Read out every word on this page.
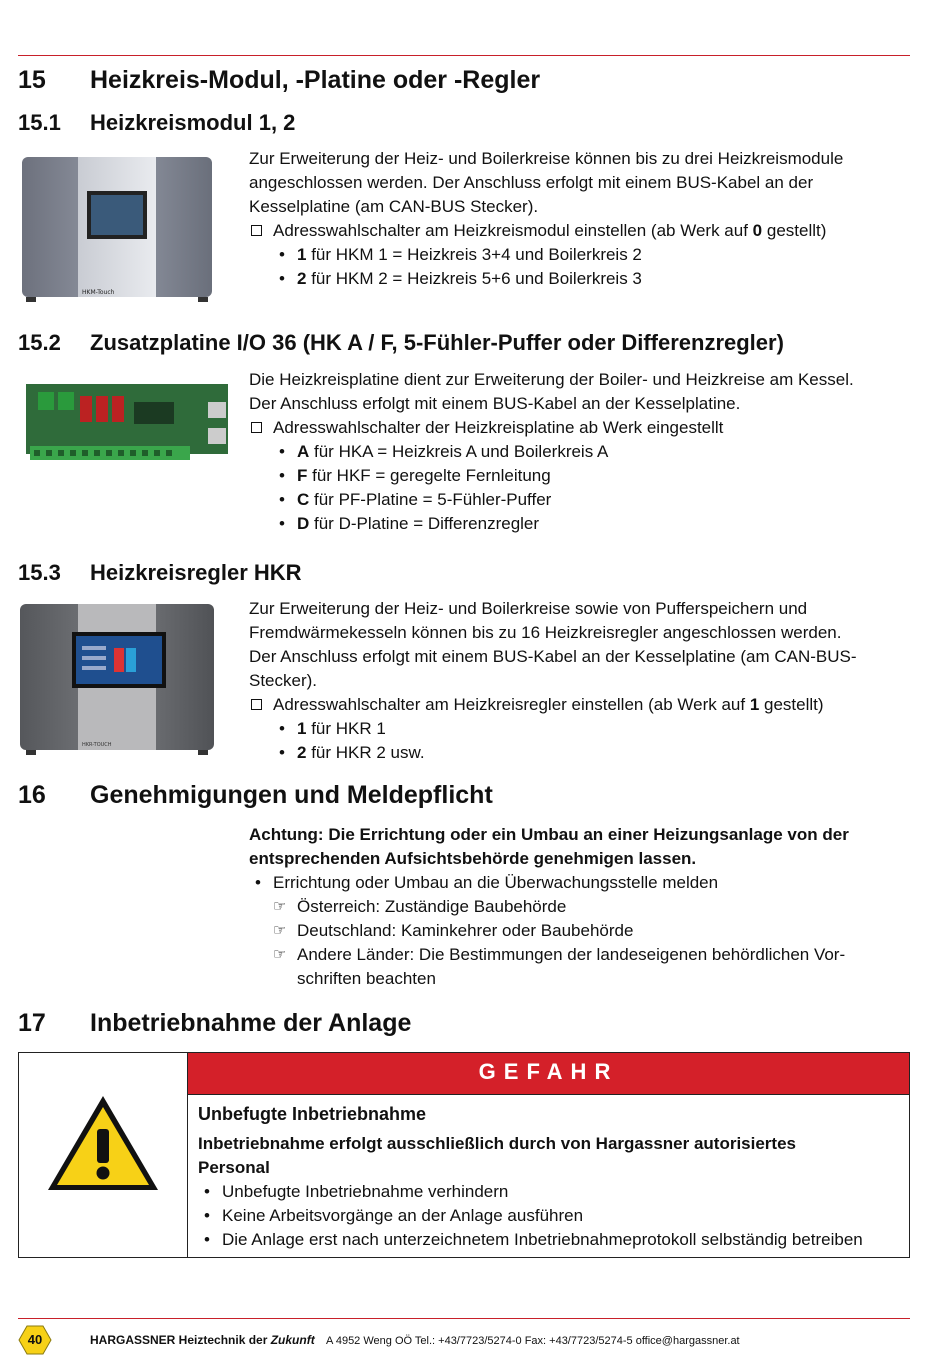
15 Heizkreis-Modul, -Platine oder -Regler
15.1 Heizkreismodul 1, 2
HKM-Touch

Zur Erweiterung der Heiz- und Boilerkreise können bis zu drei Heizkreismodule

angeschlossen werden. Der Anschluss erfolgt mit einem BUS-Kabel an der

Kesselplatine (am CAN-BUS Stecker).

Adresswahlschalter am Heizkreismodul einstellen (ab Werk auf 0 gestellt)
• 1 für HKM 1 = Heizkreis 3+4 und Boilerkreis 2
• 2 für HKM 2 = Heizkreis 5+6 und Boilerkreis 3
15.2 Zusatzplatine I/O 36 (HK A / F, 5-Fühler-Puffer oder Differenzregler)

Die Heizkreisplatine dient zur Erweiterung der Boiler- und Heizkreise am Kessel.

Der Anschluss erfolgt mit einem BUS-Kabel an der Kesselplatine.

Adresswahlschalter der Heizkreisplatine ab Werk eingestellt
• A für HKA = Heizkreis A und Boilerkreis A
• F für HKF = geregelte Fernleitung
• C für PF-Platine = 5-Fühler-Puffer
• D für D-Platine = Differenzregler
15.3 Heizkreisregler HKR
HKR-TOUCH

Zur Erweiterung der Heiz- und Boilerkreise sowie von Pufferspeichern und

Fremdwärmekesseln können bis zu 16 Heizkreisregler angeschlossen werden.

Der Anschluss erfolgt mit einem BUS-Kabel an der Kesselplatine (am CAN-BUS-

Stecker).

Adresswahlschalter am Heizkreisregler einstellen (ab Werk auf 1 gestellt)
• 1 für HKR 1
• 2 für HKR 2 usw.
16 Genehmigungen und Meldepflicht

Achtung: Die Errichtung oder ein Umbau an einer Heizungsanlage von der

entsprechenden Aufsichtsbehörde genehmigen lassen.

• Errichtung oder Umbau an die Überwachungsstelle melden
☞ Österreich: Zuständige Baubehörde
☞ Deutschland: Kaminkehrer oder Baubehörde
☞ Andere Länder: Die Bestimmungen der landeseigenen behördlichen Vor-
schriften beachten
17 Inbetriebnahme der Anlage
GEFAHR

Unbefugte Inbetriebnahme

Inbetriebnahme erfolgt ausschließlich durch von Hargassner autorisiertes

Personal

• Unbefugte Inbetriebnahme verhindern
• Keine Arbeitsvorgänge an der Anlage ausführen
• Die Anlage erst nach unterzeichnetem Inbetriebnahmeprotokoll selbständig betreiben
40	HARGASSNER Heiztechnik der Zukunft A 4952 Weng OÖ Tel.: +43/7723/5274-0 Fax: +43/7723/5274-5 office@hargassner.at
